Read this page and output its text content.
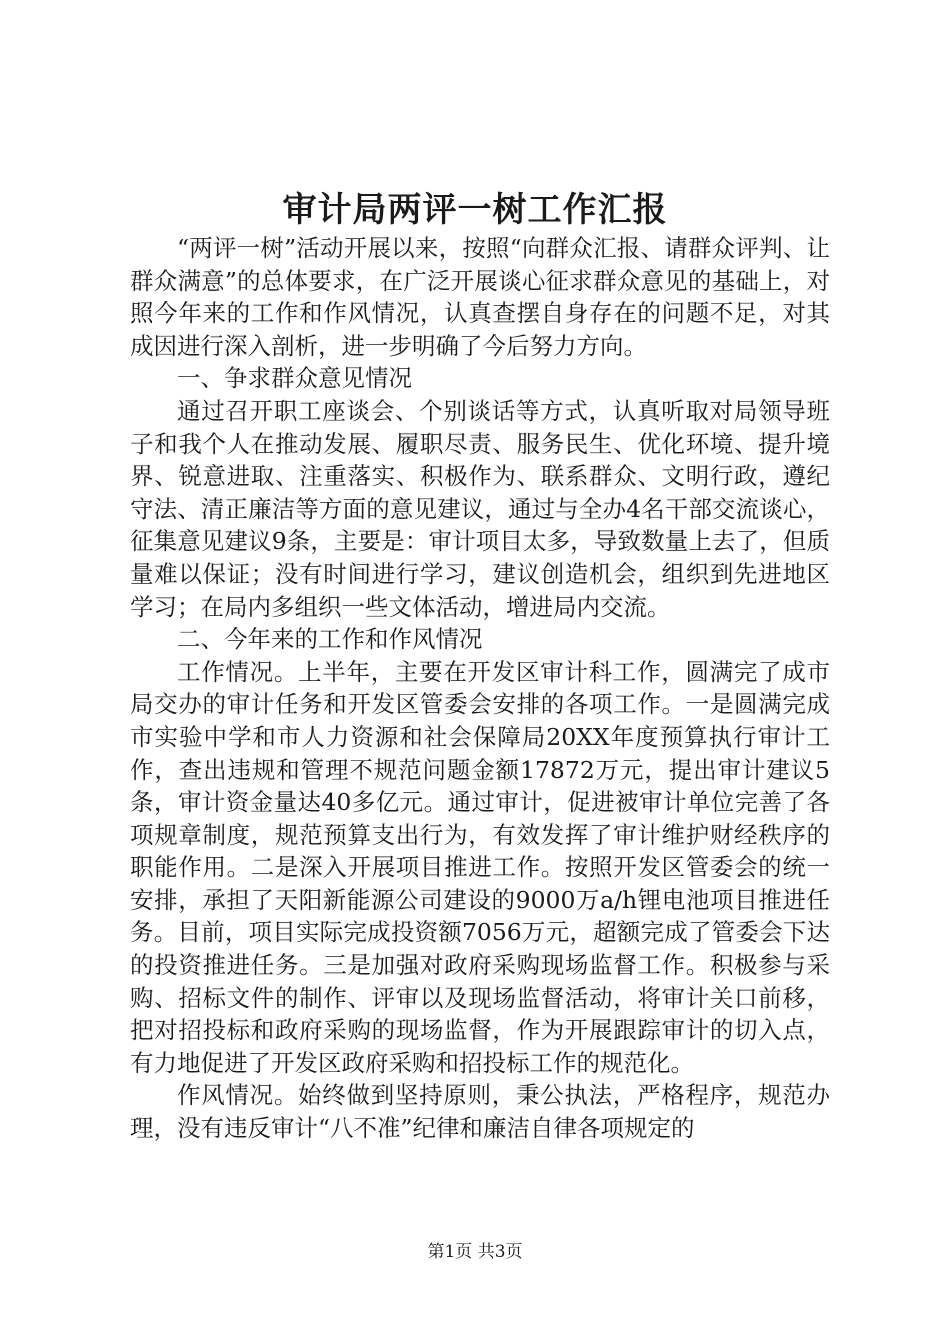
审计局两评一树工作汇报

“两评一树”活动开展以来，按照“向群众汇报、请群众评判、让群众满意”的总体要求，在广泛开展谈心征求群众意见的基础上，对照今年来的工作和作风情况，认真查摆自身存在的问题不足，对其成因进行深入剖析，进一步明确了今后努力方向。

一、争求群众意见情况

通过召开职工座谈会、个别谈话等方式，认真听取对局领导班子和我个人在推动发展、履职尽责、服务民生、优化环境、提升境界、锐意进取、注重落实、积极作为、联系群众、文明行政，遵纪守法、清正廉洁等方面的意见建议，通过与全办4名干部交流谈心，征集意见建议9条，主要是：审计项目太多，导致数量上去了，但质量难以保证；没有时间进行学习，建议创造机会，组织到先进地区学习；在局内多组织一些文体活动，增进局内交流。

二、今年来的工作和作风情况

工作情况。上半年，主要在开发区审计科工作，圆满完了成市局交办的审计任务和开发区管委会安排的各项工作。一是圆满完成市实验中学和市人力资源和社会保障局20XX年度预算执行审计工作，查出违规和管理不规范问题金额17872万元，提出审计建议5条，审计资金量达40多亿元。通过审计，促进被审计单位完善了各项规章制度，规范预算支出行为，有效发挥了审计维护财经秩序的职能作用。二是深入开展项目推进工作。按照开发区管委会的统一安排，承担了天阳新能源公司建设的9000万a/h锂电池项目推进任务。目前，项目实际完成投资额7056万元，超额完成了管委会下达的投资推进任务。三是加强对政府采购现场监督工作。积极参与采购、招标文件的制作、评审以及现场监督活动，将审计关口前移，把对招投标和政府采购的现场监督，作为开展跟踪审计的切入点，有力地促进了开发区政府采购和招投标工作的规范化。

作风情况。始终做到坚持原则，秉公执法，严格程序，规范办理，没有违反审计“八不准”纪律和廉洁自律各项规定的

第1页 共3页
